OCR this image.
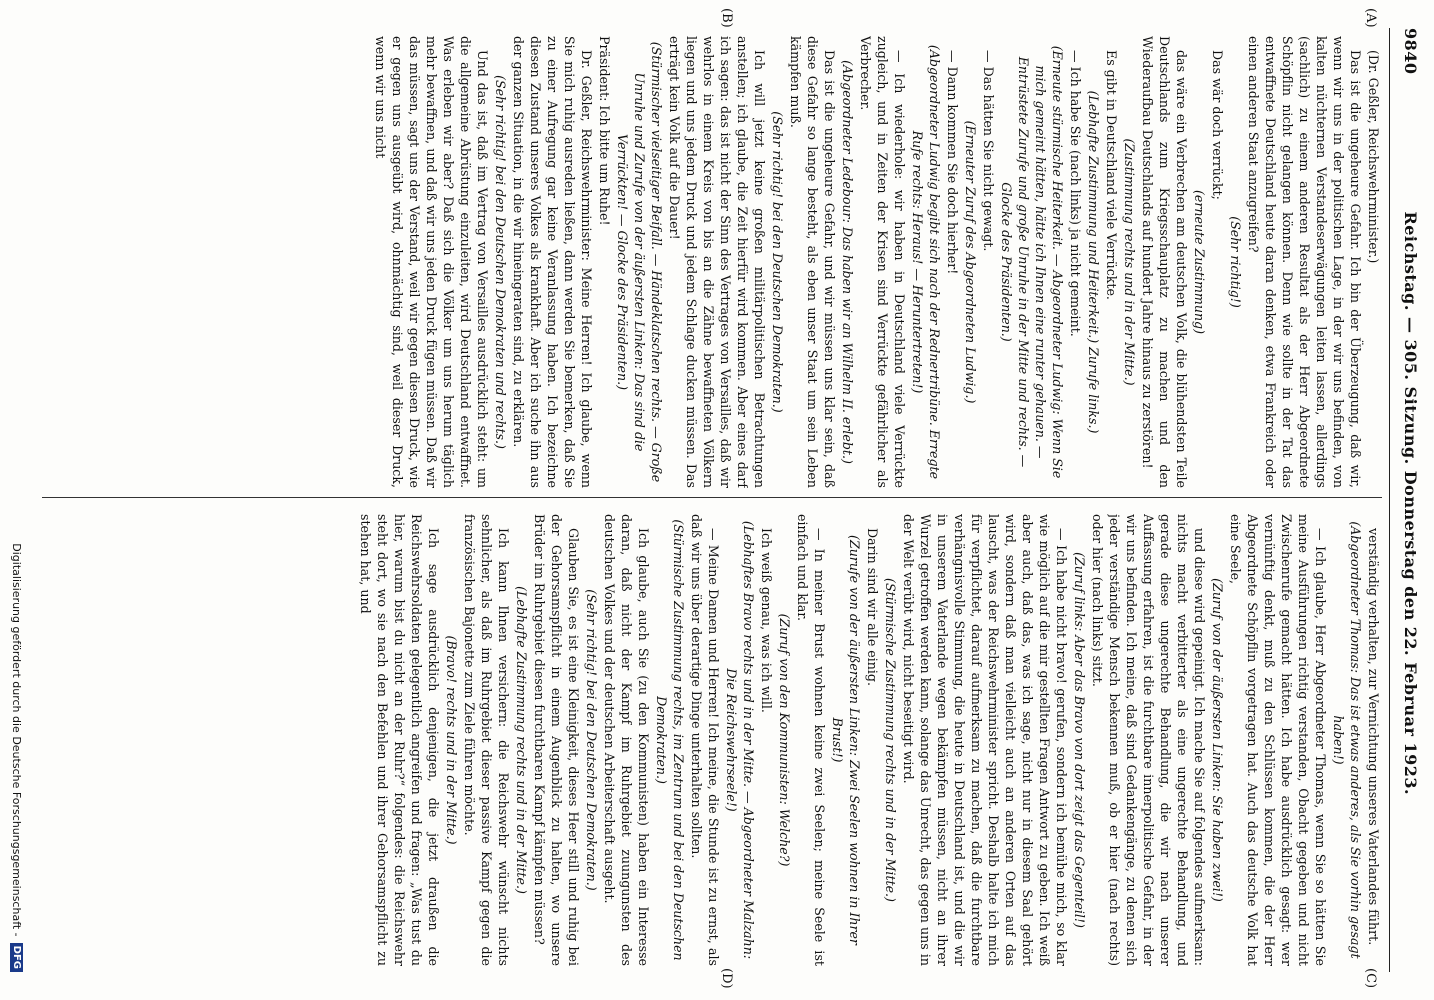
9840
Reichstag. — 305. Sitzung. Donnerstag den 22. Februar 1923.
(A)
(B)
(C)
(D)

(Dr. Geßler, Reichswehrminister.)

Das ist die ungeheure Gefahr. Ich bin der Überzeugung, daß wir, wenn wir uns in der politischen Lage, in der wir uns befinden, von kalten nüchternen Verstandeserwägungen leiten lassen, allerdings (sachlich) zu einem anderen Resultat als der Herr Abgeordnete Schöpflin nicht gelangen können. Denn wie sollte in der Tat das entwaffnete Deutschland heute daran denken, etwa Frankreich oder einen anderen Staat anzugreifen?

(Sehr richtig!)

Das wär doch verrückt;

(erneute Zustimmung)

das wäre ein Verbrechen am deutschen Volk, die blühendsten Teile Deutschlands zum Kriegsschauplatz zu machen und den Wiederaufbau Deutschlands auf hundert Jahre hinaus zu zerstören!

(Zustimmung rechts und in der Mitte.)

Es gibt in Deutschland viele Verrückte.

(Lebhafte Zustimmung und Heiterkeit.) Zurufe links.)

— Ich habe Sie (nach links) ja nicht gemeint.

(Erneute stürmische Heiterkeit. — Abgeordneter Ludwig: Wenn Sie mich gemeint hätten, hätte ich Ihnen eine runter gehauen. — Entrüstete Zurufe und große Unruhe in der Mitte und rechts. — Glocke des Präsidenten.)

— Das hätten Sie nicht gewagt.

(Erneuter Zuruf des Abgeordneten Ludwig.)

— Dann kommen Sie doch hierher!

(Abgeordneter Ludwig begibt sich nach der Rednertribüne. Erregte Rufe rechts: Heraus! — Heruntertreten!)

— Ich wiederhole: wir haben in Deutschland viele Verrückte zugleich, und in Zeiten der Krisen sind Verrückte gefährlicher als Verbrecher.

(Abgeordneter Ledebour: Das haben wir an Wilhelm II. erlebt.)

Das ist die ungeheure Gefahr, und wir müssen uns klar sein, daß diese Gefahr so lange besteht, als eben unser Staat um sein Leben kämpfen muß.

(Sehr richtig! bei den Deutschen Demokraten.)

Ich will jetzt keine großen militärpolitischen Betrachtungen anstellen; ich glaube, die Zeit hierfür wird kommen. Aber eines darf ich sagen: das ist nicht der Sinn des Vertrages von Versailles, daß wir wehrlos in einem Kreis von bis an die Zähne bewaffneten Völkern liegen und uns jedem Druck und jedem Schlage ducken müssen. Das erträgt kein Volk auf die Dauer!

(Stürmischer vielseitiger Beifall. — Händeklatschen rechts. — Große Unruhe und Zurufe von der äußersten Linken: Das sind die Verrückten! — Glocke des Präsidenten.)

Präsident: Ich bitte um Ruhe!

Dr. Geßler, Reichswehrminister: Meine Herren! Ich glaube, wenn Sie mich ruhig ausreden ließen, dann werden Sie bemerken, daß Sie zu einer Aufregung gar keine Veranlassung haben. Ich bezeichne diesen Zustand unseres Volkes als krankhaft. Aber ich suche ihn aus der ganzen Situation, in die wir hineingeraten sind, zu erklären.

(Sehr richtig! bei den Deutschen Demokraten und rechts.)

Und das ist, daß im Vertrag von Versailles ausdrücklich steht: um die allgemeine Abrüstung einzuleiten, wird Deutschland entwaffnet. Was erleben wir aber? Daß sich die Völker um uns herum täglich mehr bewaffnen, und daß wir uns jeden Druck fügen müssen. Daß wir das müssen, sagt uns der Verstand, weil wir gegen diesen Druck, wie er gegen uns ausgeübt wird, ohnmächtig sind, weil dieser Druck, wenn wir uns nicht

verständig verhalten, zur Vernichtung unseres Vaterlandes führt.

(Abgeordneter Thomas: Das ist etwas anderes, als Sie vorhin gesagt haben!)

— Ich glaube, Herr Abgeordneter Thomas, wenn Sie so hätten Sie meine Ausführungen richtig verstanden, Obacht gegeben und nicht Zwischenrufe gemacht hätten. Ich habe ausdrücklich gesagt: wer vernünftig denkt, muß zu den Schlüssen kommen, die der Herr Abgeordnete Schöpflin vorgetragen hat. Auch das deutsche Volk hat eine Seele,

(Zuruf von der äußersten Linken: Sie haben zwei!)

und diese wird gepeinigt. Ich mache Sie auf folgendes aufmerksam: nichts macht verbitterter als eine ungerechte Behandlung, und gerade diese ungerechte Behandlung, die wir nach unserer Auffassung erfahren, ist die furchtbare innerpolitische Gefahr, in der wir uns befinden. Ich meine, daß sind Gedankengänge, zu denen sich jeder verständige Mensch bekennen muß, ob er hier (nach rechts) oder hier (nach links) sitzt.

(Zuruf links: Aber das Bravo von dort zeigt das Gegenteil!)

— Ich habe nicht bravo! gerufen, sondern ich bemühe mich, so klar wie möglich auf die mir gestellten Fragen Antwort zu geben. Ich weiß aber auch, daß das, was ich sage, nicht nur in diesem Saal gehört wird, sondern daß man vielleicht auch an anderen Orten auf das lauscht, was der Reichswehrminister spricht. Deshalb halte ich mich für verpflichtet, darauf aufmerksam zu machen, daß die furchtbare verhängnisvolle Stimmung, die heute in Deutschland ist, und die wir in unserem Vaterlande wegen bekämpfen müssen, nicht an ihrer Wurzel getroffen werden kann, solange das Unrecht, das gegen uns in der Welt verübt wird, nicht beseitigt wird.

(Stürmische Zustimmung rechts und in der Mitte.)

Darin sind wir alle einig.

(Zurufe von der äußersten Linken: Zwei Seelen wohnen in Ihrer Brust!)

— In meiner Brust wohnen keine zwei Seelen; meine Seele ist einfach und klar.

(Zuruf von den Kommunisten: Welche?)

Ich weiß genau, was ich will.

(Lebhaftes Bravo rechts und in der Mitte. — Abgeordneter Malzahn: Die Reichswehrseele!)

— Meine Damen und Herren! Ich meine, die Stunde ist zu ernst, als daß wir uns über derartige Dinge unterhalten sollten.

(Stürmische Zustimmung rechts, im Zentrum und bei den Deutschen Demokraten.)

Ich glaube, auch Sie (zu den Kommunisten) haben ein Interesse daran, daß nicht der Kampf im Ruhrgebiet zuungunsten des deutschen Volkes und der deutschen Arbeiterschaft ausgeht.

(Sehr richtig! bei den Deutschen Demokraten.)

Glauben Sie, es ist eine Kleinigkeit, dieses Heer still und ruhig bei der Gehorsamspflicht in einem Augenblick zu halten, wo unsere Brüder im Ruhrgebiet diesen furchtbaren Kampf kämpfen müssen?

(Lebhafte Zustimmung rechts und in der Mitte.)

Ich kann Ihnen versichern: die Reichswehr wünscht nichts sehnlicher, als daß im Ruhrgebiet dieser passive Kampf gegen die französischen Bajonette zum Ziele führen möchte.

(Bravo! rechts und in der Mitte.)

Ich sage ausdrücklich denjenigen, die jetzt draußen die Reichswehrsoldaten gelegentlich angreifen und fragen: „Was tust du hier, warum bist du nicht an der Ruhr?“ folgendes: die Reichswehr steht dort, wo sie nach den Befehlen und ihrer Gehorsamspflicht zu stehen hat, und

Digitalisierung gefördert durch die Deutsche Forschungsgemeinschaft -
DFG
